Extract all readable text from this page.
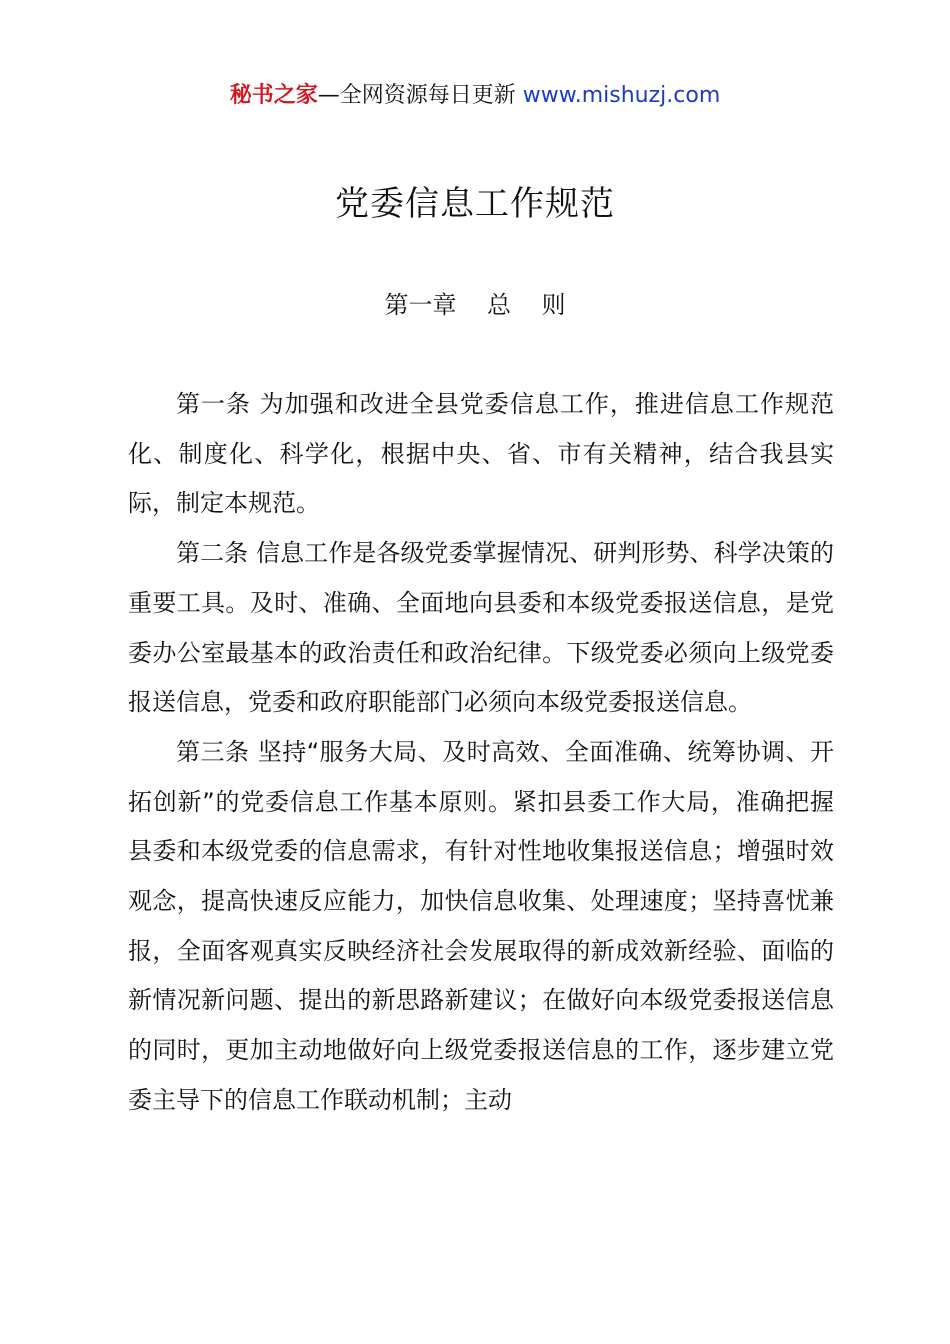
秘书之家—全网资源每日更新 www.mishuzj.com
党委信息工作规范
第一章    总    则

第一条 为加强和改进全县党委信息工作，推进信息工作规范化、制度化、科学化，根据中央、省、市有关精神，结合我县实际，制定本规范。

第二条 信息工作是各级党委掌握情况、研判形势、科学决策的重要工具。及时、准确、全面地向县委和本级党委报送信息，是党委办公室最基本的政治责任和政治纪律。下级党委必须向上级党委报送信息，党委和政府职能部门必须向本级党委报送信息。

第三条 坚持“服务大局、及时高效、全面准确、统筹协调、开拓创新”的党委信息工作基本原则。紧扣县委工作大局，准确把握县委和本级党委的信息需求，有针对性地收集报送信息；增强时效观念，提高快速反应能力，加快信息收集、处理速度；坚持喜忧兼报，全面客观真实反映经济社会发展取得的新成效新经验、面临的新情况新问题、提出的新思路新建议；在做好向本级党委报送信息的同时，更加主动地做好向上级党委报送信息的工作，逐步建立党委主导下的信息工作联动机制；主动
